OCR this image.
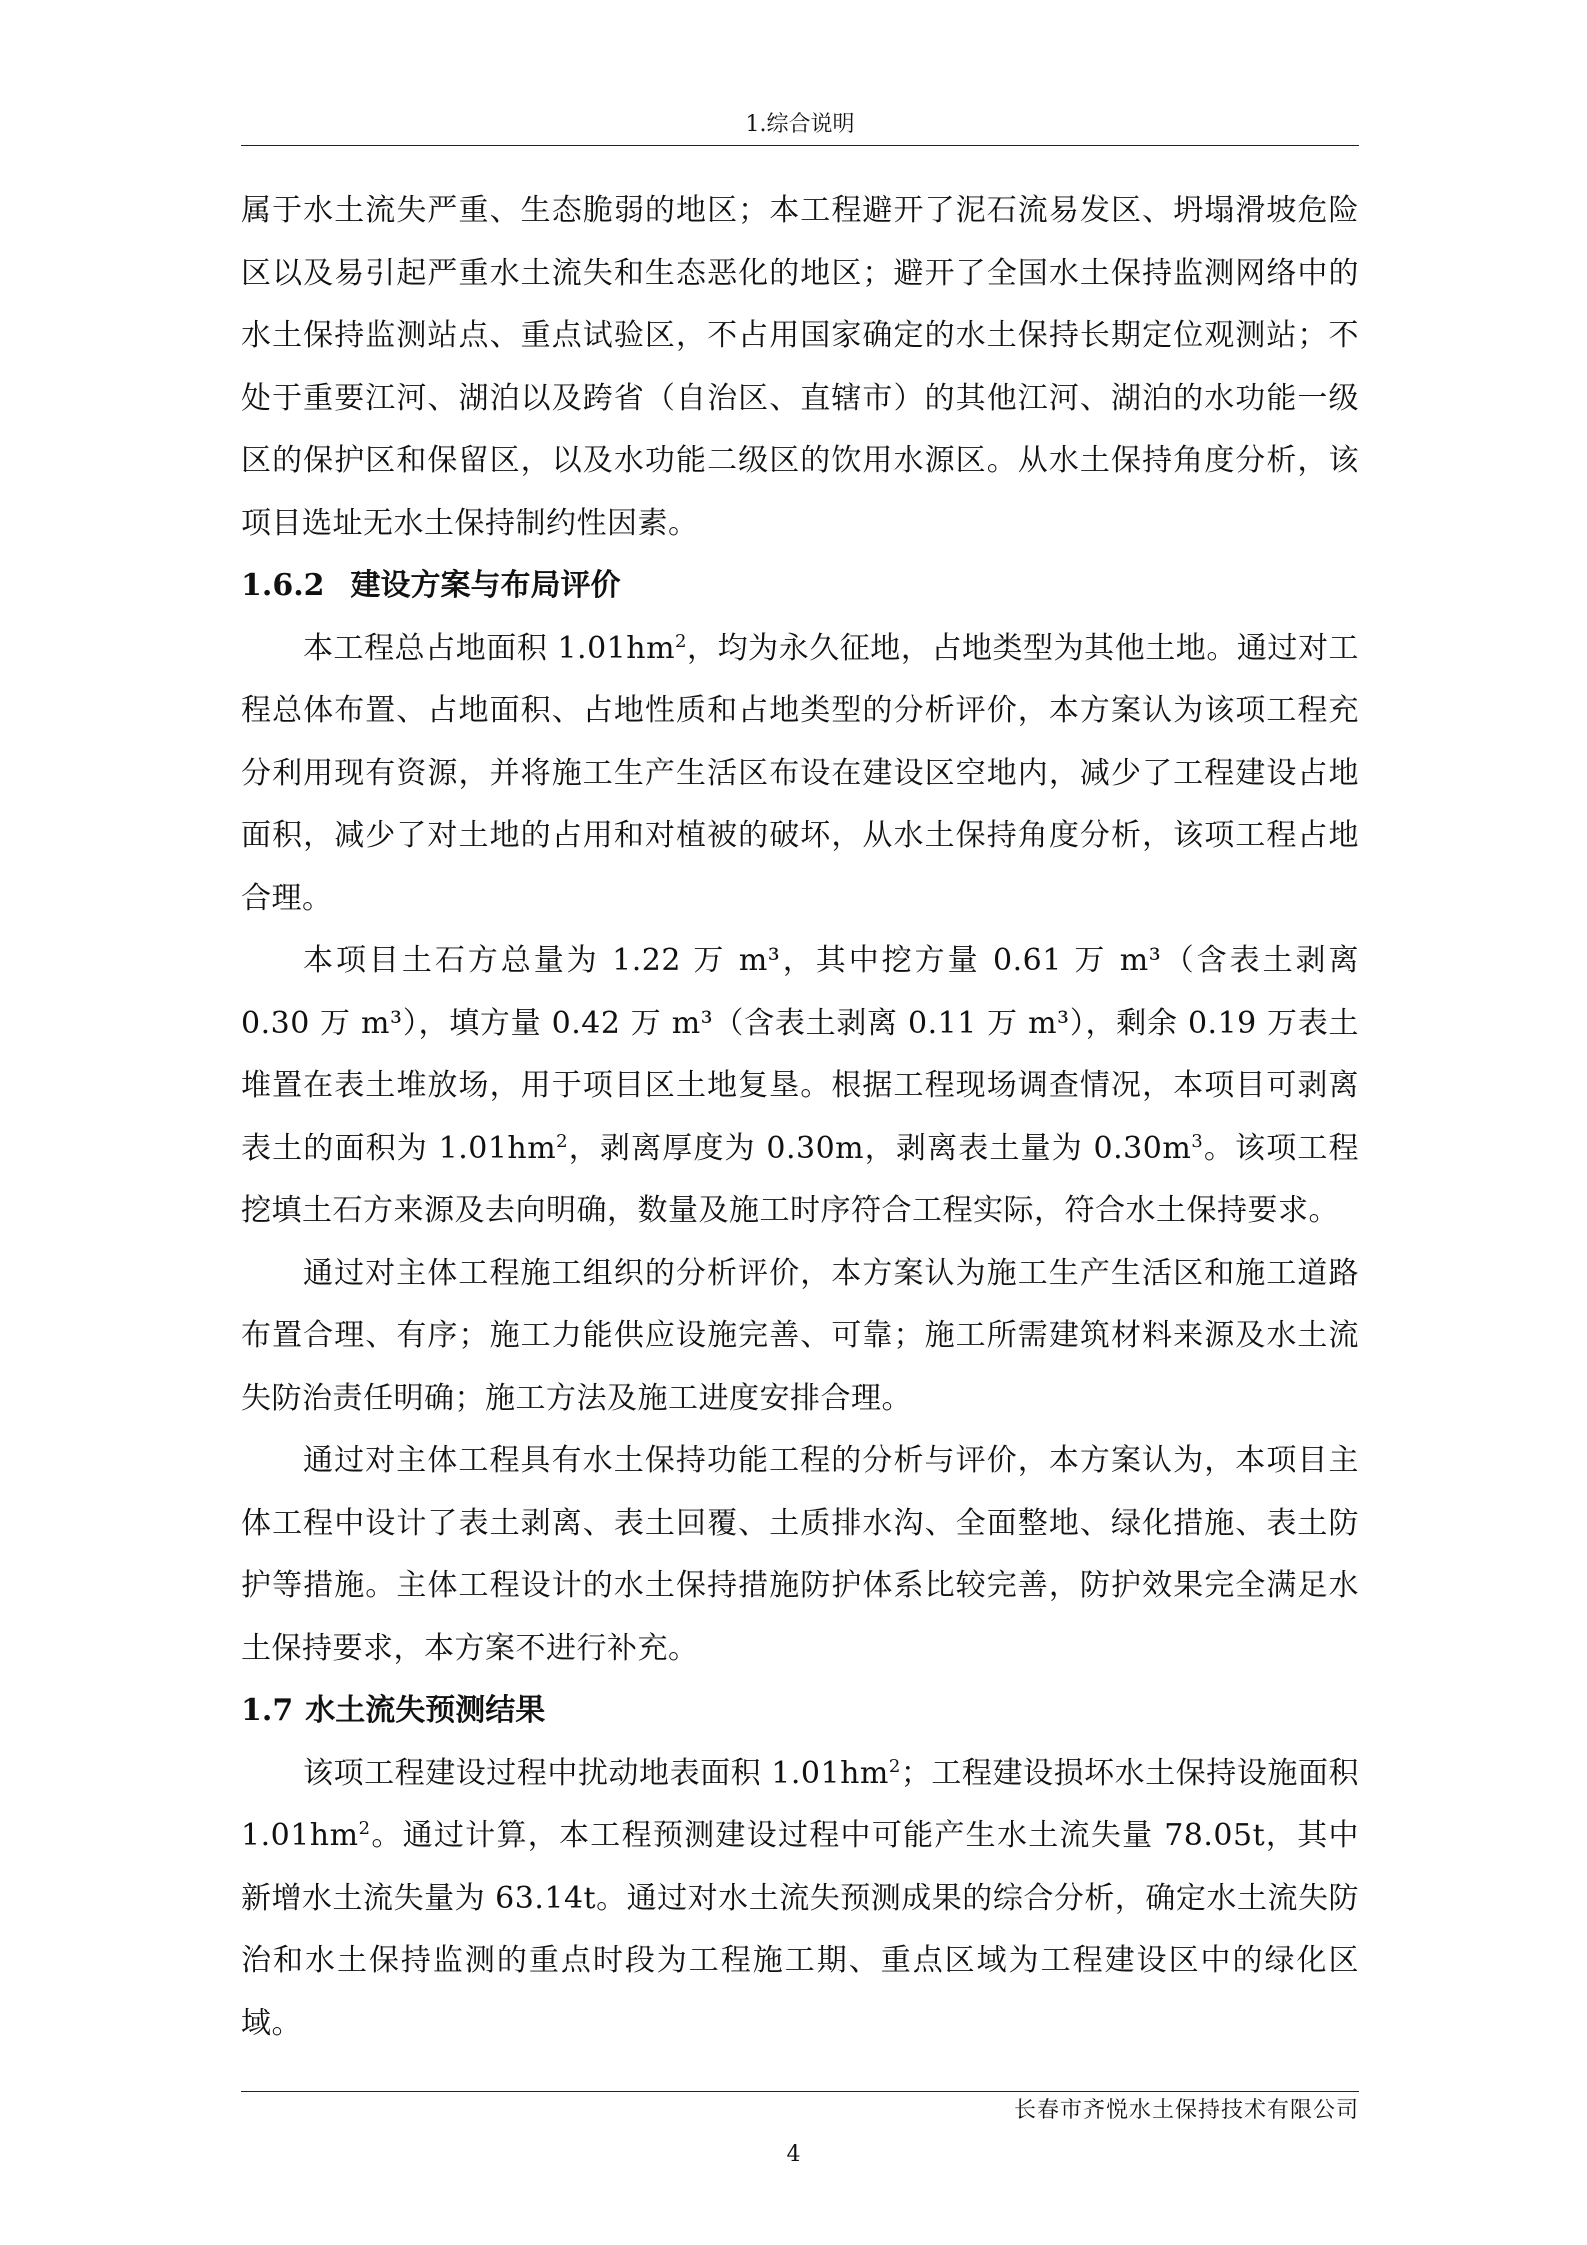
1.综合说明

属于水土流失严重、生态脆弱的地区；本工程避开了泥石流易发区、坍塌滑坡危险区以及易引起严重水土流失和生态恶化的地区；避开了全国水土保持监测网络中的水土保持监测站点、重点试验区，不占用国家确定的水土保持长期定位观测站；不处于重要江河、湖泊以及跨省（自治区、直辖市）的其他江河、湖泊的水功能一级区的保护区和保留区，以及水功能二级区的饮用水源区。从水土保持角度分析，该项目选址无水土保持制约性因素。

1.6.2 建设方案与布局评价

本工程总占地面积 $1.01hm^2$，均为永久征地，占地类型为其他土地。通过对工程总体布置、占地面积、占地性质和占地类型的分析评价，本方案认为该项工程充分利用现有资源，并将施工生产生活区布设在建设区空地内，减少了工程建设占地面积，减少了对土地的占用和对植被的破坏，从水土保持角度分析，该项工程占地合理。

本项目土石方总量为 1.22 万 m³，其中挖方量 0.61 万 m³（含表土剥离 0.30 万 m³），填方量 0.42 万 m³（含表土剥离 0.11 万 m³），剩余 0.19 万表土堆置在表土堆放场，用于项目区土地复垦。根据工程现场调查情况，本项目可剥离表土的面积为 $1.01hm^2$，剥离厚度为 0.30m，剥离表土量为 $0.30m^3$。该项工程挖填土石方来源及去向明确，数量及施工时序符合工程实际，符合水土保持要求。

通过对主体工程施工组织的分析评价，本方案认为施工生产生活区和施工道路布置合理、有序；施工力能供应设施完善、可靠；施工所需建筑材料来源及水土流失防治责任明确；施工方法及施工进度安排合理。

通过对主体工程具有水土保持功能工程的分析与评价，本方案认为，本项目主体工程中设计了表土剥离、表土回覆、土质排水沟、全面整地、绿化措施、表土防护等措施。主体工程设计的水土保持措施防护体系比较完善，防护效果完全满足水土保持要求，本方案不进行补充。

1.7 水土流失预测结果

该项工程建设过程中扰动地表面积 $1.01hm^2$；工程建设损坏水土保持设施面积 $1.01hm^2$。通过计算，本工程预测建设过程中可能产生水土流失量 78.05t，其中新增水土流失量为 63.14t。通过对水土流失预测成果的综合分析，确定水土流失防治和水土保持监测的重点时段为工程施工期、重点区域为工程建设区中的绿化区域。

长春市齐悦水土保持技术有限公司
4
